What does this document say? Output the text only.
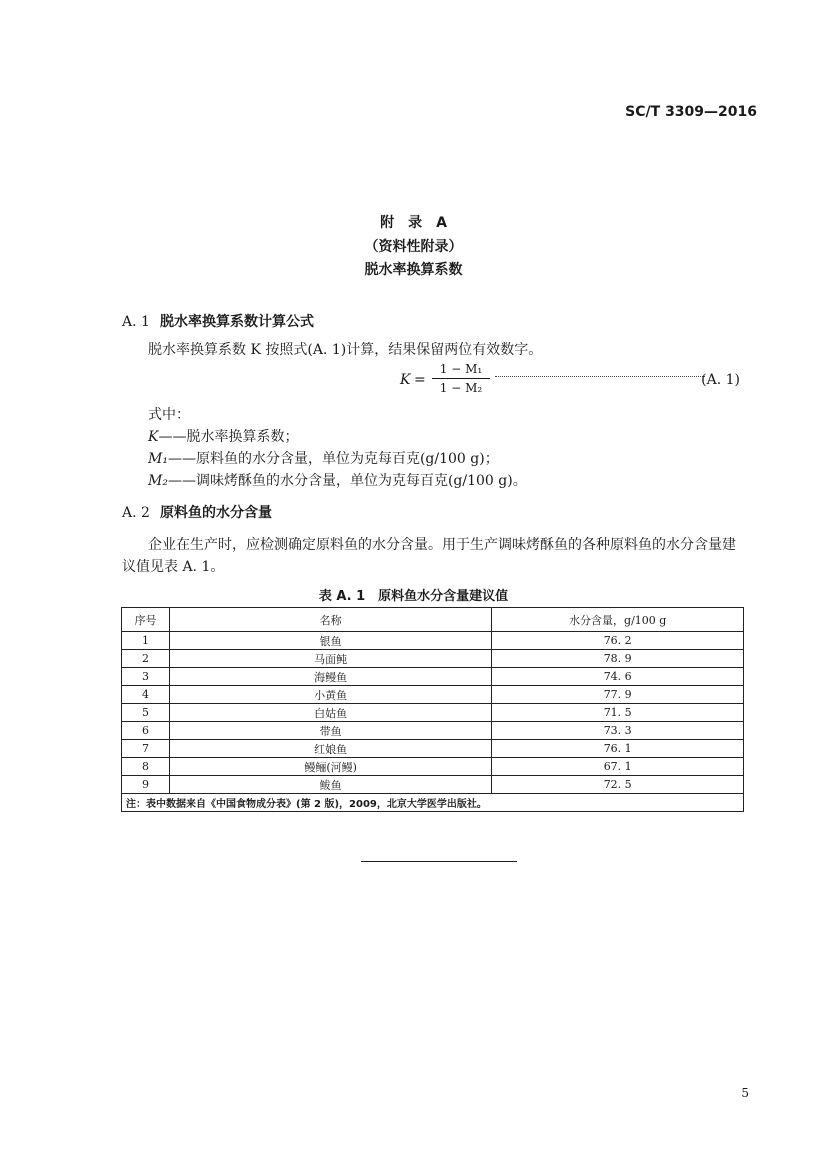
SC/T 3309—2016
附　录　A
（资料性附录）
脱水率换算系数
A. 1 脱水率换算系数计算公式
脱水率换算系数 K 按照式(A. 1)计算，结果保留两位有效数字。
K =
1 − M₁
1 − M₂	(A. 1)
式中：
K——脱水率换算系数；
M₁——原料鱼的水分含量，单位为克每百克(g/100 g)；
M₂——调味烤酥鱼的水分含量，单位为克每百克(g/100 g)。
A. 2 原料鱼的水分含量
企业在生产时，应检测确定原料鱼的水分含量。用于生产调味烤酥鱼的各种原料鱼的水分含量建
议值见表 A. 1。
表 A. 1　原料鱼水分含量建议值
序号	名称	水分含量，g/100 g
1	银鱼	76. 2
2	马面鲀	78. 9
3	海鳗鱼	74. 6
4	小黄鱼	77. 9
5	白姑鱼	71. 5
6	带鱼	73. 3
7	红娘鱼	76. 1
8	鳗鲡(河鳗)	67. 1
9	鲅鱼	72. 5
注：表中数据来自《中国食物成分表》(第 2 版)，2009，北京大学医学出版社。		
5
